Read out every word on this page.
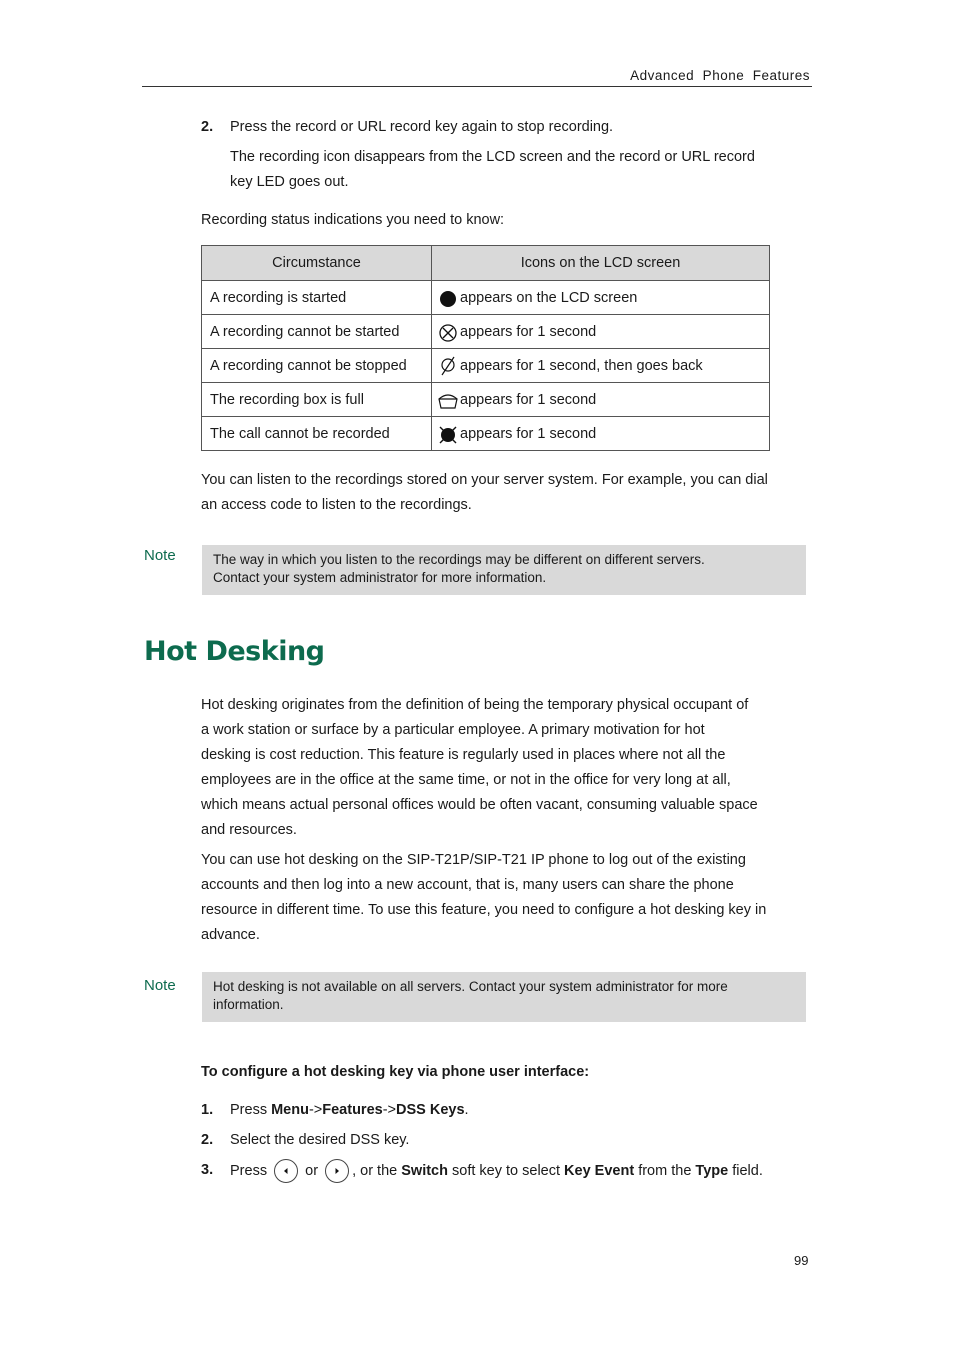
Advanced  Phone  Features
2. Press the record or URL record key again to stop recording.
The recording icon disappears from the LCD screen and the record or URL record
key LED goes out.
Recording status indications you need to know:
Circumstance	Icons on the LCD screen
A recording is started	appears on the LCD screen
A recording cannot be started	appears for 1 second
A recording cannot be stopped	appears for 1 second, then goes back
The recording box is full	appears for 1 second
The call cannot be recorded	appears for 1 second
You can listen to the recordings stored on your server system. For example, you can dial
an access code to listen to the recordings.
Note	The way in which you listen to the recordings may be different on different servers.
Contact your system administrator for more information.
Hot Desking
Hot desking originates from the definition of being the temporary physical occupant of
a work station or surface by a particular employee. A primary motivation for hot
desking is cost reduction. This feature is regularly used in places where not all the
employees are in the office at the same time, or not in the office for very long at all,
which means actual personal offices would be often vacant, consuming valuable space
and resources.
You can use hot desking on the SIP-T21P/SIP-T21 IP phone to log out of the existing
accounts and then log into a new account, that is, many users can share the phone
resource in different time. To use this feature, you need to configure a hot desking key in
advance.
Note	Hot desking is not available on all servers. Contact your system administrator for more
information.
To configure a hot desking key via phone user interface:
1. Press Menu->Features->DSS Keys.
2. Select the desired DSS key.
3. Press	or , or the Switch soft key to select Key Event from the Type field.
99
